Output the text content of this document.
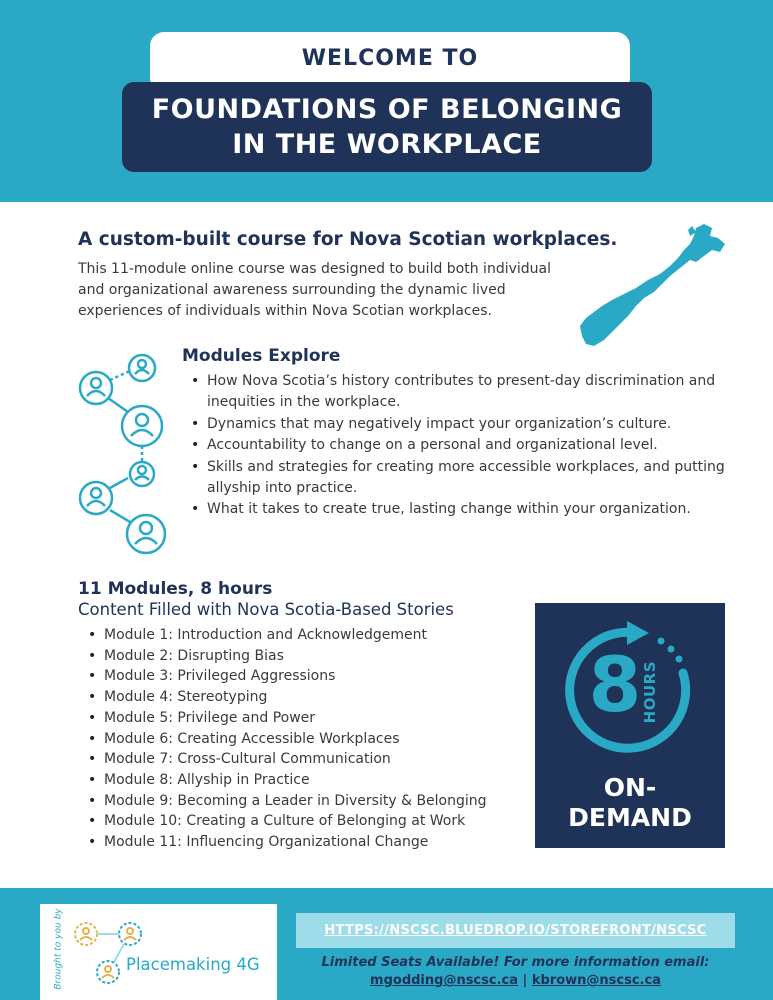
WELCOME TO
FOUNDATIONS OF BELONGING
IN THE WORKPLACE
A custom-built course for Nova Scotian workplaces.

This 11-module online course was designed to build both individual and organizational awareness surrounding the dynamic lived experiences of individuals within Nova Scotian workplaces.

Modules Explore
• How Nova Scotia’s history contributes to present-day discrimination and inequities in the workplace.
• Dynamics that may negatively impact your organization’s culture.
• Accountability to change on a personal and organizational level.
• Skills and strategies for creating more accessible workplaces, and putting allyship into practice.
• What it takes to create true, lasting change within your organization.
11 Modules, 8 hours
Content Filled with Nova Scotia-Based Stories
• Module 1: Introduction and Acknowledgement
• Module 2: Disrupting Bias
• Module 3: Privileged Aggressions
• Module 4: Stereotyping
• Module 5: Privilege and Power
• Module 6: Creating Accessible Workplaces
• Module 7: Cross-Cultural Communication
• Module 8: Allyship in Practice
• Module 9: Becoming a Leader in Diversity & Belonging
• Module 10: Creating a Culture of Belonging at Work
• Module 11: Influencing Organizational Change
8 HOURS
ON-
DEMAND
Brought to you by	Placemaking 4G
HTTPS://NSCSC.BLUEDROP.IO/STOREFRONT/NSCSC
Limited Seats Available! For more information email:
mgodding@nscsc.ca | kbrown@nscsc.ca
